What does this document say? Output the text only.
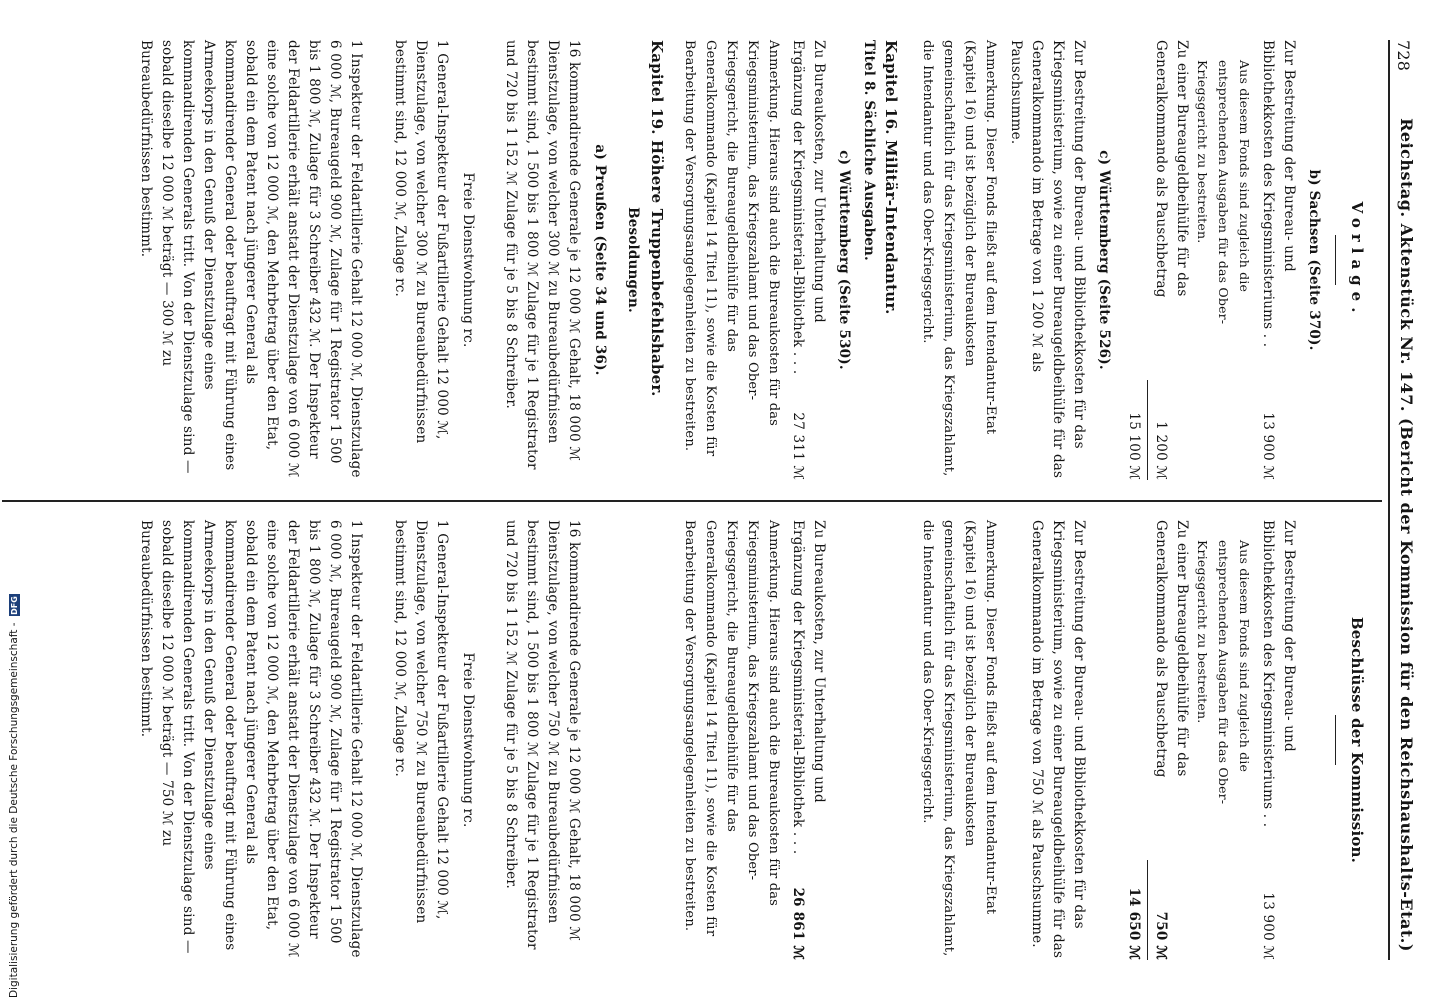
728
Reichstag. Aktenstück Nr. 147. (Bericht der Kommission für den Reichshaushalts-Etat.)
Vorlage.
b) Sachsen (Seite 370).
Zur Bestreitung der Bureau- und Bibliothekkosten des Kriegsministeriums . .
13 900 ℳ
Aus diesem Fonds sind zugleich die entsprechenden Ausgaben für das Ober-Kriegsgericht zu bestreiten.
Zu einer Bureaugeldbeihülfe für das Generalkommando als Pauschbetrag
1 200 ℳ
15 100 ℳ
c) Württemberg (Seite 526).
Zur Bestreitung der Bureau- und Bibliothekkosten für das Kriegsministerium, sowie zu einer Bureaugeldbeihülfe für das Generalkommando im Betrage von 1 200 ℳ als Pauschsumme.
Anmerkung. Dieser Fonds fließt auf dem Intendantur-Etat (Kapitel 16) und ist bezüglich der Bureaukosten gemeinschaftlich für das Kriegsministerium, das Kriegszahlamt, die Intendantur und das Ober-Kriegsgericht.
Kapitel 16. Militär-Intendantur.
Titel 8. Sächliche Ausgaben.
c) Württemberg (Seite 530).
Zu Bureaukosten, zur Unterhaltung und Ergänzung der Kriegsministerial-Bibliothek . . .
27 311 ℳ
Anmerkung. Hieraus sind auch die Bureaukosten für das Kriegsministerium, das Kriegszahlamt und das Ober-Kriegsgericht, die Bureaugeldbeihülfe für das Generalkommando (Kapitel 14 Titel 11), sowie die Kosten für Bearbeitung der Versorgungsangelegenheiten zu bestreiten.
Kapitel 19. Höhere Truppenbefehlshaber.
Besoldungen.
a) Preußen (Seite 34 und 36).
16 kommandirende Generale je 12 000 ℳ Gehalt, 18 000 ℳ Dienstzulage, von welcher 300 ℳ zu Bureaubedürfnissen bestimmt sind, 1 500 bis 1 800 ℳ Zulage für je 1 Registrator und 720 bis 1 152 ℳ Zulage für je 5 bis 8 Schreiber.
Freie Dienstwohnung rc.
1 General-Inspekteur der Fußartillerie Gehalt 12 000 ℳ, Dienstzulage, von welcher 300 ℳ zu Bureaubedürfnissen bestimmt sind, 12 000 ℳ, Zulage rc.
1 Inspekteur der Feldartillerie Gehalt 12 000 ℳ, Dienstzulage 6 000 ℳ, Bureaugeld 900 ℳ, Zulage für 1 Registrator 1 500 bis 1 800 ℳ, Zulage für 3 Schreiber 432 ℳ. Der Inspekteur der Feldartillerie erhält anstatt der Dienstzulage von 6 000 ℳ eine solche von 12 000 ℳ, den Mehrbetrag über den Etat, sobald ein dem Patent nach jüngerer General als kommandirender General oder beauftragt mit Führung eines Armeekorps in den Genuß der Dienstzulage eines kommandirenden Generals tritt. Von der Dienstzulage sind — sobald dieselbe 12 000 ℳ beträgt — 300 ℳ zu Bureaubedürfnissen bestimmt.
Beschlüsse der Kommission.
Zur Bestreitung der Bureau- und Bibliothekkosten des Kriegsministeriums . .
13 900 ℳ
Aus diesem Fonds sind zugleich die entsprechenden Ausgaben für das Ober-Kriegsgericht zu bestreiten.
Zu einer Bureaugeldbeihülfe für das Generalkommando als Pauschbetrag
750 ℳ
14 650 ℳ
Zur Bestreitung der Bureau- und Bibliothekkosten für das Kriegsministerium, sowie zu einer Bureaugeldbeihülfe für das Generalkommando im Betrage von 750 ℳ als Pauschsumme.
Anmerkung. Dieser Fonds fließt auf dem Intendantur-Etat (Kapitel 16) und ist bezüglich der Bureaukosten gemeinschaftlich für das Kriegsministerium, das Kriegszahlamt, die Intendantur und das Ober-Kriegsgericht.
Zu Bureaukosten, zur Unterhaltung und Ergänzung der Kriegsministerial-Bibliothek . . .
26 861 ℳ
Anmerkung. Hieraus sind auch die Bureaukosten für das Kriegsministerium, das Kriegszahlamt und das Ober-Kriegsgericht, die Bureaugeldbeihülfe für das Generalkommando (Kapitel 14 Titel 11), sowie die Kosten für Bearbeitung der Versorgungsangelegenheiten zu bestreiten.
16 kommandirende Generale je 12 000 ℳ Gehalt, 18 000 ℳ Dienstzulage, von welcher 750 ℳ zu Bureaubedürfnissen bestimmt sind, 1 500 bis 1 800 ℳ Zulage für je 1 Registrator und 720 bis 1 152 ℳ Zulage für je 5 bis 8 Schreiber.
Freie Dienstwohnung rc.
1 General-Inspekteur der Fußartillerie Gehalt 12 000 ℳ, Dienstzulage, von welcher 750 ℳ zu Bureaubedürfnissen bestimmt sind, 12 000 ℳ, Zulage rc.
1 Inspekteur der Feldartillerie Gehalt 12 000 ℳ, Dienstzulage 6 000 ℳ, Bureaugeld 900 ℳ, Zulage für 1 Registrator 1 500 bis 1 800 ℳ, Zulage für 3 Schreiber 432 ℳ. Der Inspekteur der Feldartillerie erhält anstatt der Dienstzulage von 6 000 ℳ eine solche von 12 000 ℳ, den Mehrbetrag über den Etat, sobald ein dem Patent nach jüngerer General als kommandirender General oder beauftragt mit Führung eines Armeekorps in den Genuß der Dienstzulage eines kommandirenden Generals tritt. Von der Dienstzulage sind — sobald dieselbe 12 000 ℳ beträgt — 750 ℳ zu Bureaubedürfnissen bestimmt.
Digitalisierung gefördert durch die Deutsche Forschungsgemeinschaft -
DFG
